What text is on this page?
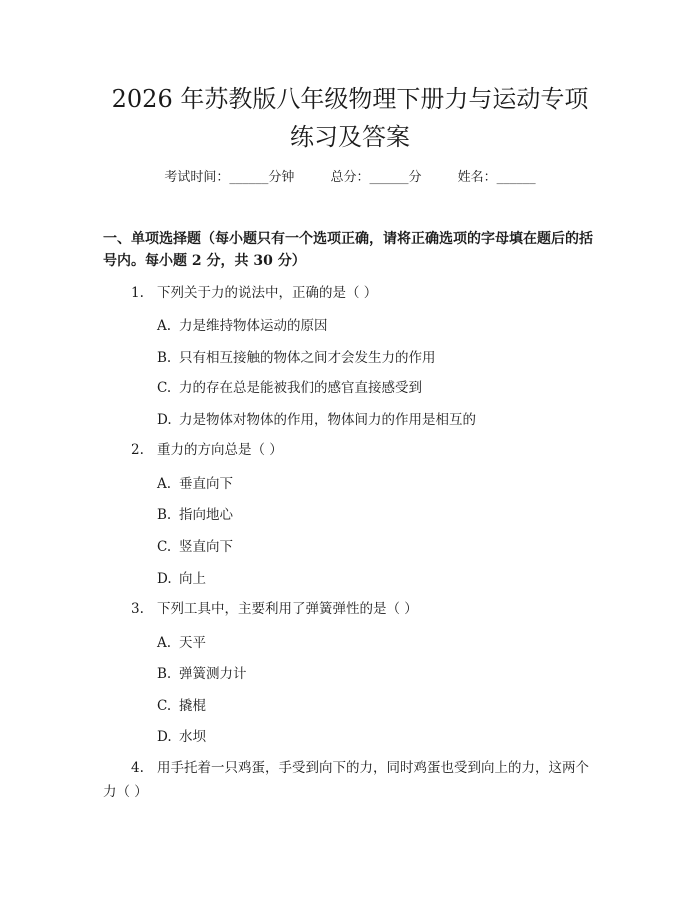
2026 年苏教版八年级物理下册力与运动专项
练习及答案
考试时间：______分钟	总分：______分	姓名：______
一、单项选择题（每小题只有一个选项正确，请将正确选项的字母填在题后的括
号内。每小题 2 分，共 30 分）
1. 下列关于力的说法中，正确的是（ ）
A. 力是维持物体运动的原因
B. 只有相互接触的物体之间才会发生力的作用
C. 力的存在总是能被我们的感官直接感受到
D. 力是物体对物体的作用，物体间力的作用是相互的
2. 重力的方向总是（ ）
A. 垂直向下
B. 指向地心
C. 竖直向下
D. 向上
3. 下列工具中，主要利用了弹簧弹性的是（ ）
A. 天平
B. 弹簧测力计
C. 撬棍
D. 水坝
4. 用手托着一只鸡蛋，手受到向下的力，同时鸡蛋也受到向上的力，这两个
力（ ）
